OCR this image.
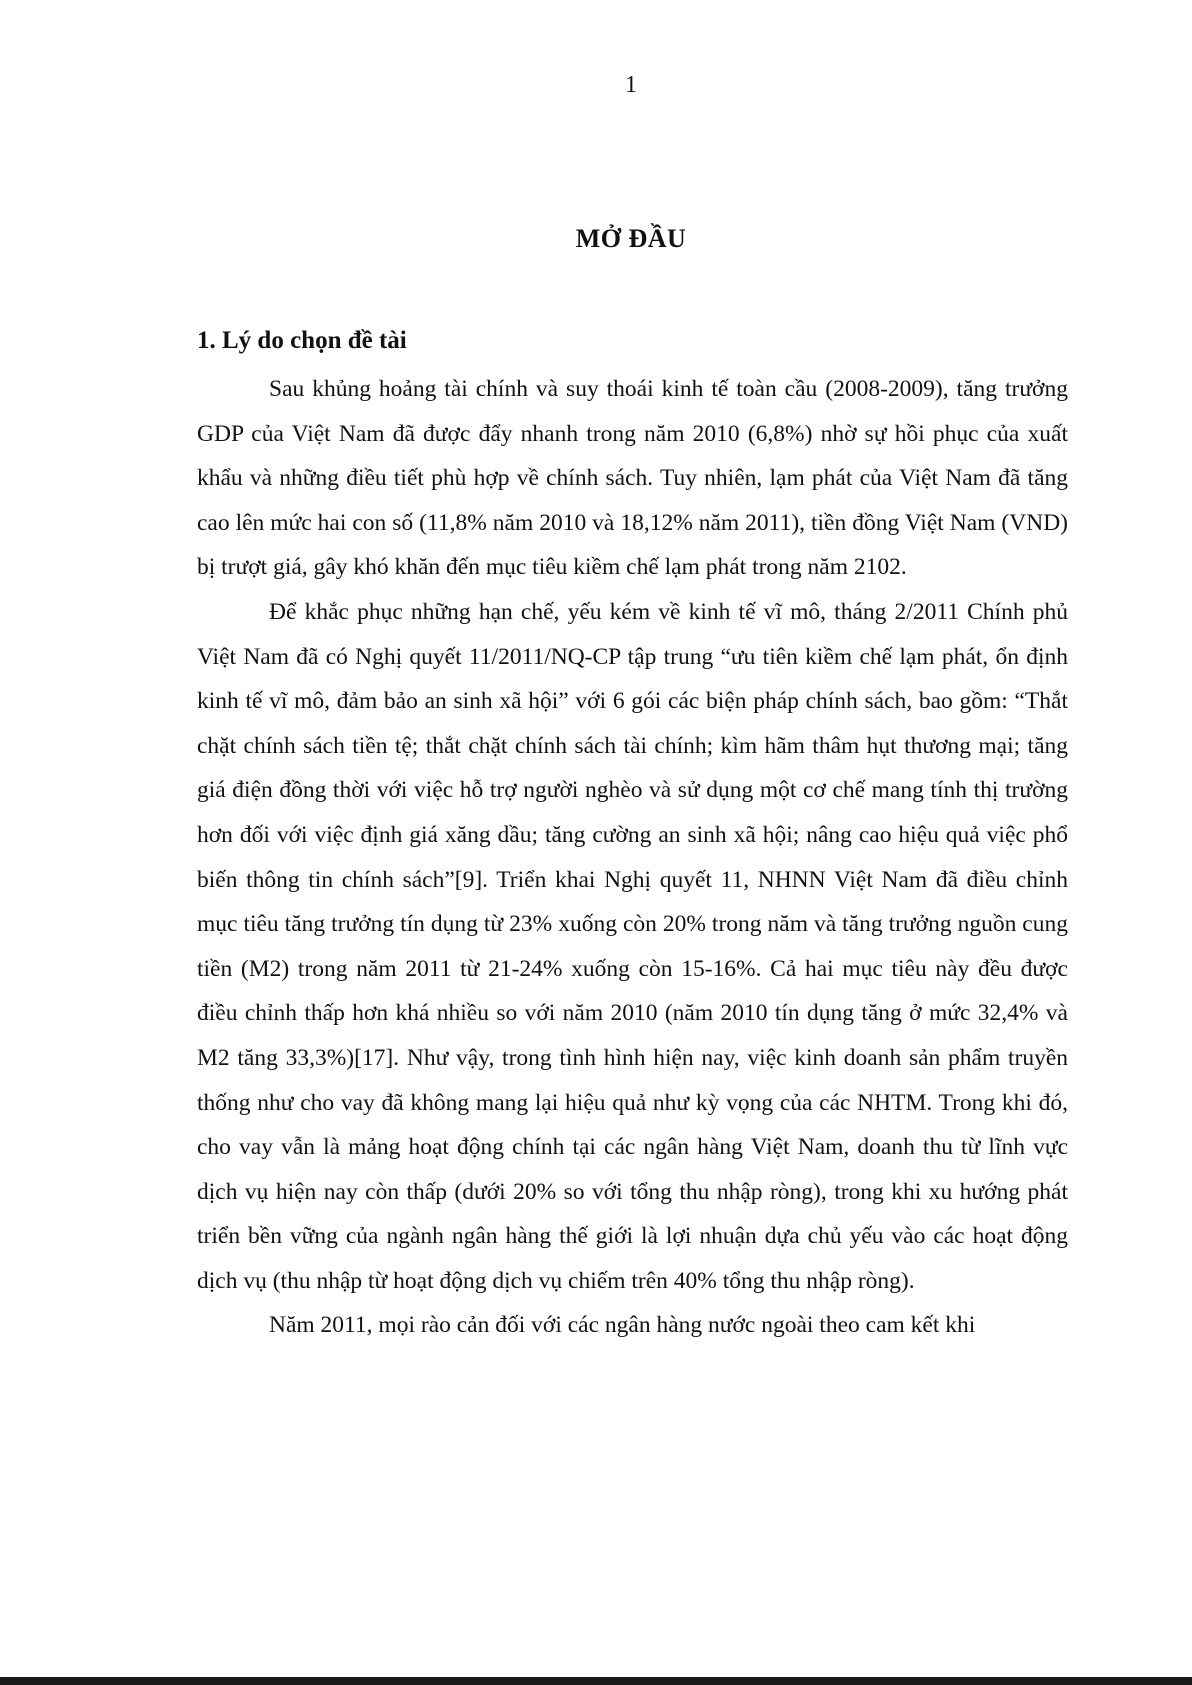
1
MỞ ĐẦU
1. Lý do chọn đề tài

Sau khủng hoảng tài chính và suy thoái kinh tế toàn cầu (2008-2009), tăng trưởng GDP của Việt Nam đã được đẩy nhanh trong năm 2010 (6,8%) nhờ sự hồi phục của xuất khẩu và những điều tiết phù hợp về chính sách. Tuy nhiên, lạm phát của Việt Nam đã tăng cao lên mức hai con số (11,8% năm 2010 và 18,12% năm 2011), tiền đồng Việt Nam (VND) bị trượt giá, gây khó khăn đến mục tiêu kiềm chế lạm phát trong năm 2102.

Để khắc phục những hạn chế, yếu kém về kinh tế vĩ mô, tháng 2/2011 Chính phủ Việt Nam đã có Nghị quyết 11/2011/NQ-CP tập trung “ưu tiên kiềm chế lạm phát, ổn định kinh tế vĩ mô, đảm bảo an sinh xã hội” với 6 gói các biện pháp chính sách, bao gồm: “Thắt chặt chính sách tiền tệ; thắt chặt chính sách tài chính; kìm hãm thâm hụt thương mại; tăng giá điện đồng thời với việc hỗ trợ người nghèo và sử dụng một cơ chế mang tính thị trường hơn đối với việc định giá xăng dầu; tăng cường an sinh xã hội; nâng cao hiệu quả việc phổ biến thông tin chính sách”[9]. Triển khai Nghị quyết 11, NHNN Việt Nam đã điều chỉnh mục tiêu tăng trưởng tín dụng từ 23% xuống còn 20% trong năm và tăng trưởng nguồn cung tiền (M2) trong năm 2011 từ 21-24% xuống còn 15-16%. Cả hai mục tiêu này đều được điều chỉnh thấp hơn khá nhiều so với năm 2010 (năm 2010 tín dụng tăng ở mức 32,4% và M2 tăng 33,3%)[17]. Như vậy, trong tình hình hiện nay, việc kinh doanh sản phẩm truyền thống như cho vay đã không mang lại hiệu quả như kỳ vọng của các NHTM. Trong khi đó, cho vay vẫn là mảng hoạt động chính tại các ngân hàng Việt Nam, doanh thu từ lĩnh vực dịch vụ hiện nay còn thấp (dưới 20% so với tổng thu nhập ròng), trong khi xu hướng phát triển bền vững của ngành ngân hàng thế giới là lợi nhuận dựa chủ yếu vào các hoạt động dịch vụ (thu nhập từ hoạt động dịch vụ chiếm trên 40% tổng thu nhập ròng).

Năm 2011, mọi rào cản đối với các ngân hàng nước ngoài theo cam kết khi
